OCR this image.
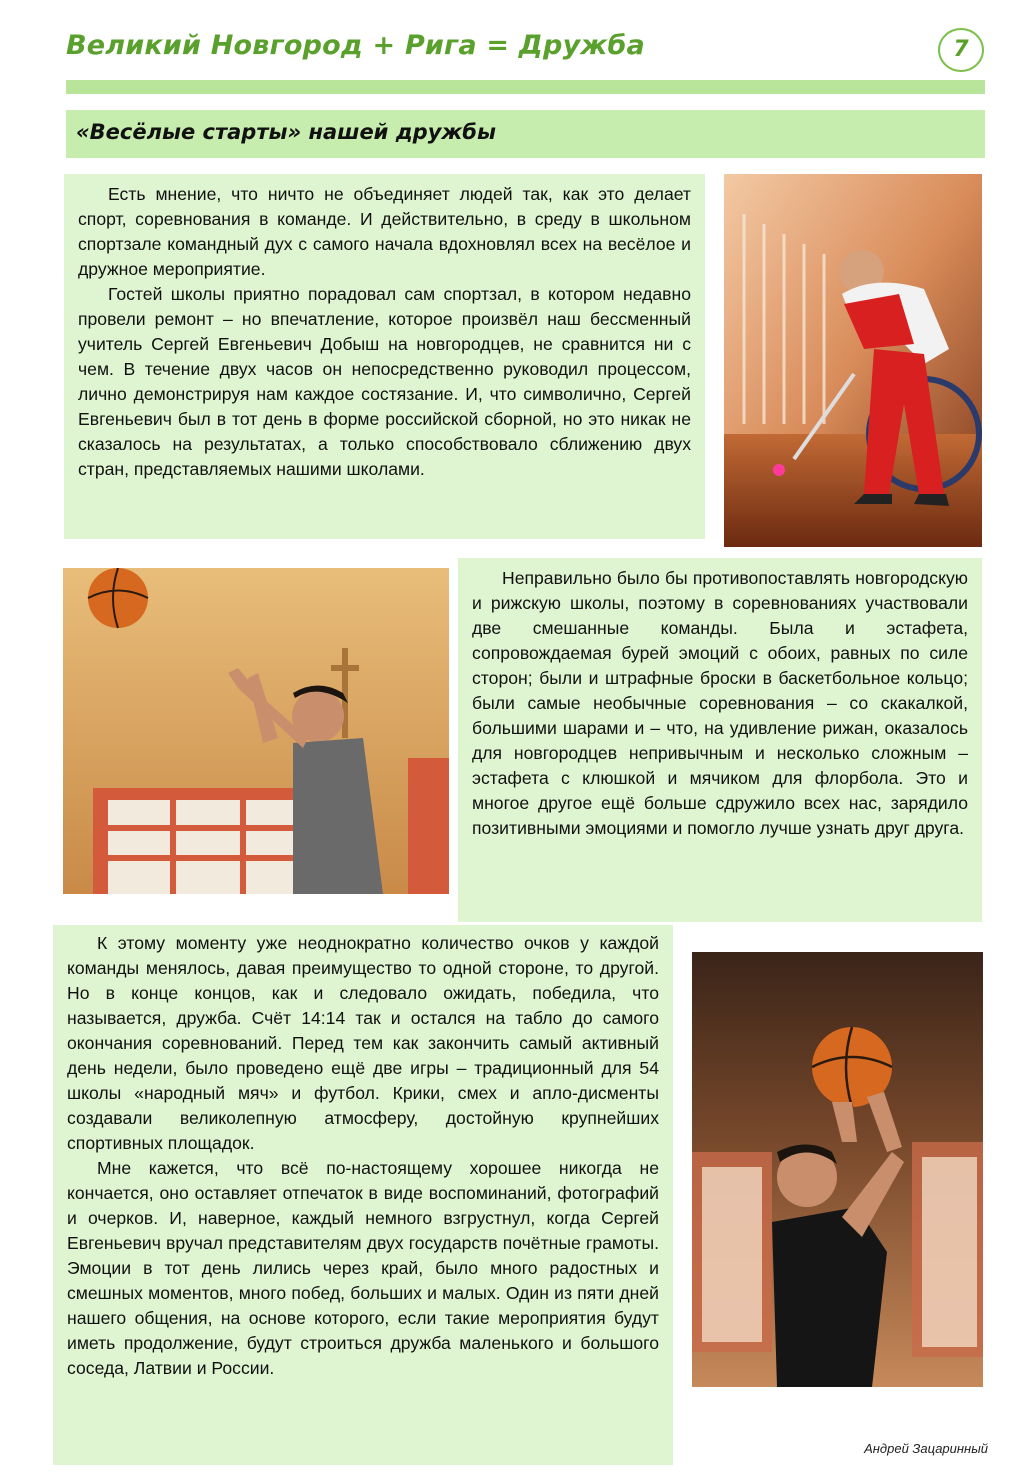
Великий Новгород + Рига = Дружба	7
«Весёлые старты» нашей дружбы

Есть мнение, что ничто не объединяет людей так, как это делает спорт, соревнования в команде. И действительно, в среду в школьном спортзале командный дух с самого начала вдохновлял всех на весёлое и дружное мероприятие.

Гостей школы приятно порадовал сам спортзал, в котором недавно провели ремонт – но впечатление, которое произвёл наш бессменный учитель Сергей Евгеньевич Добыш на новгородцев, не сравнится ни с чем. В течение двух часов он непосредственно руководил процессом, лично демонстрируя нам каждое состязание. И, что символично, Сергей Евгеньевич был в тот день в форме российской сборной, но это никак не сказалось на результатах, а только способствовало сближению двух стран, представляемых нашими школами.

Неправильно было бы противопоставлять новгородскую и рижскую школы, поэтому в соревнованиях участвовали две смешанные команды. Была и эстафета, сопровождаемая бурей эмоций с обоих, равных по силе сторон; были и штрафные броски в баскетбольное кольцо; были самые необычные соревнования – со скакалкой, большими шарами и – что, на удивление рижан, оказалось для новгородцев непривычным и несколько сложным – эстафета с клюшкой и мячиком для флорбола. Это и многое другое ещё больше сдружило всех нас, зарядило позитивными эмоциями и помогло лучше узнать друг друга.

К этому моменту уже неоднократно количество очков у каждой команды менялось, давая преимущество то одной стороне, то другой. Но в конце концов, как и следовало ожидать, победила, что называется, дружба. Счёт 14:14 так и остался на табло до самого окончания соревнований. Перед тем как закончить самый активный день недели, было проведено ещё две игры – традиционный для 54 школы «народный мяч» и футбол. Крики, смех и апло-дисменты создавали великолепную атмосферу, достойную крупнейших спортивных площадок.

Мне кажется, что всё по-настоящему хорошее никогда не кончается, оно оставляет отпечаток в виде воспоминаний, фотографий и очерков. И, наверное, каждый немного взгрустнул, когда Сергей Евгеньевич вручал представителям двух государств почётные грамоты. Эмоции в тот день лились через край, было много радостных и смешных моментов, много побед, больших и малых. Один из пяти дней нашего общения, на основе которого, если такие мероприятия будут иметь продолжение, будут строиться дружба маленького и большого соседа, Латвии и России.

Андрей Зацаринный
